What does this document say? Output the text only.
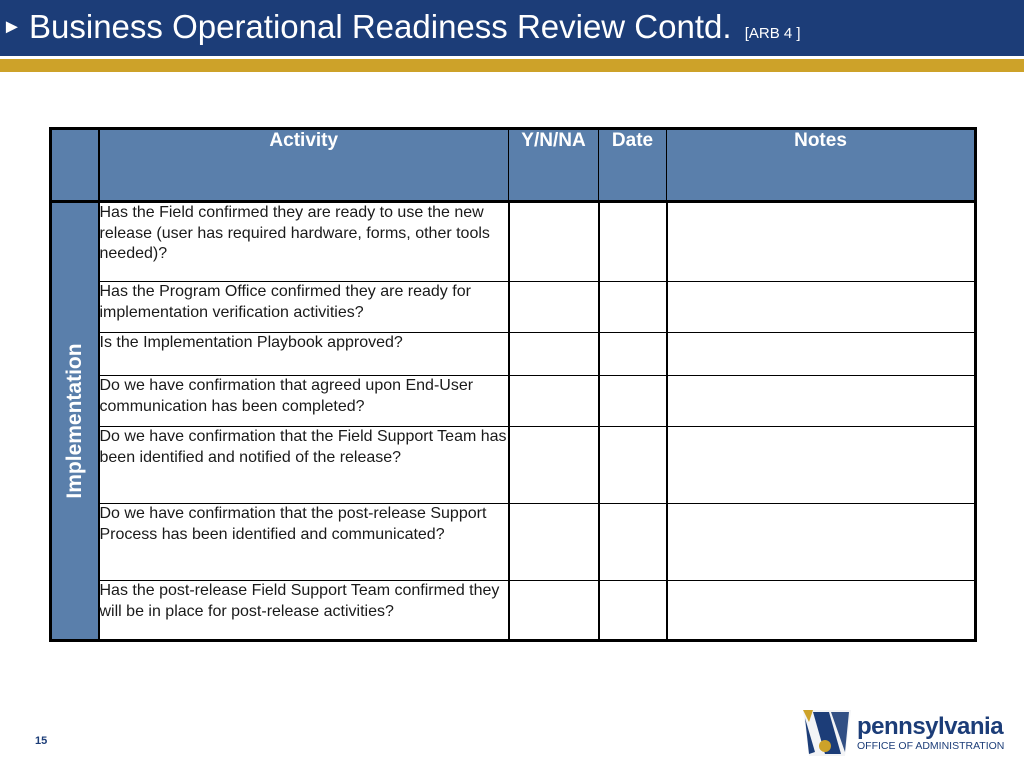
► Business Operational Readiness Review Contd. [ARB 4 ]
	Activity	Y/N/NA	Date	Notes

Implementation	Has the Field confirmed they are ready to use the new release (user has required hardware, forms, other tools needed)?			
	Has the Program Office confirmed they are ready for implementation verification activities?			
	Is the Implementation Playbook approved?			
	Do we have confirmation that agreed upon End-User communication has been completed?			
	Do we have confirmation that the Field Support Team has been identified and notified of the release?			
	Do we have confirmation that the post-release Support Process has been identified and communicated?			
	Has the post-release Field Support Team confirmed they will be in place for post-release activities?			
15
pennsylvania
OFFICE OF ADMINISTRATION
